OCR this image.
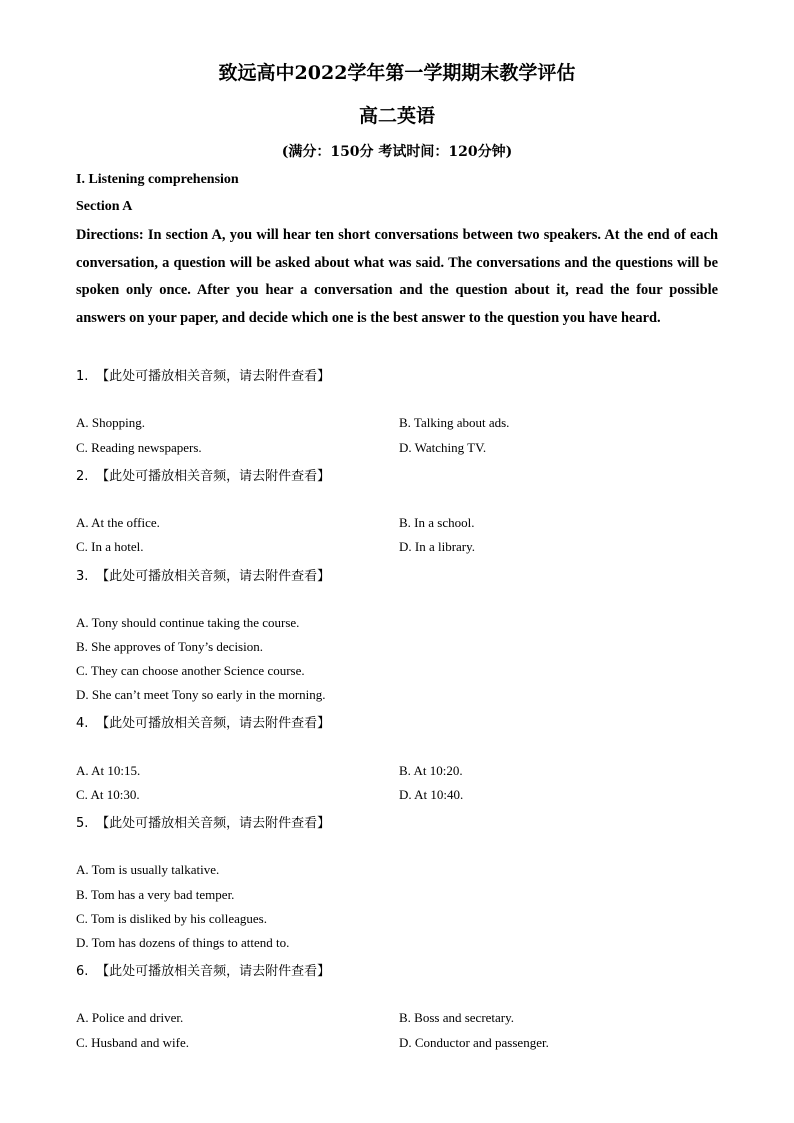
致远高中2022学年第一学期期末教学评估
高二英语
(满分：150分 考试时间：120分钟)
I. Listening comprehension
Section A

Directions: In section A, you will hear ten short conversations between two speakers. At the end of each conversation, a question will be asked about what was said. The conversations and the questions will be spoken only once. After you hear a conversation and the question about it, read the four possible answers on your paper, and decide which one is the best answer to the question you have heard.

1. 【此处可播放相关音频，请去附件查看】
A. Shopping.	B. Talking about ads.
C. Reading newspapers.	D. Watching TV.
2. 【此处可播放相关音频，请去附件查看】
A. At the office.	B. In a school.
C. In a hotel.	D. In a library.
3. 【此处可播放相关音频，请去附件查看】
A. Tony should continue taking the course.
B. She approves of Tony’s decision.
C. They can choose another Science course.
D. She can’t meet Tony so early in the morning.
4. 【此处可播放相关音频，请去附件查看】
A. At 10:15.	B. At 10:20.
C. At 10:30.	D. At 10:40.
5. 【此处可播放相关音频，请去附件查看】
A. Tom is usually talkative.
B. Tom has a very bad temper.
C. Tom is disliked by his colleagues.
D. Tom has dozens of things to attend to.
6. 【此处可播放相关音频，请去附件查看】
A. Police and driver.	B. Boss and secretary.
C. Husband and wife.	D. Conductor and passenger.
